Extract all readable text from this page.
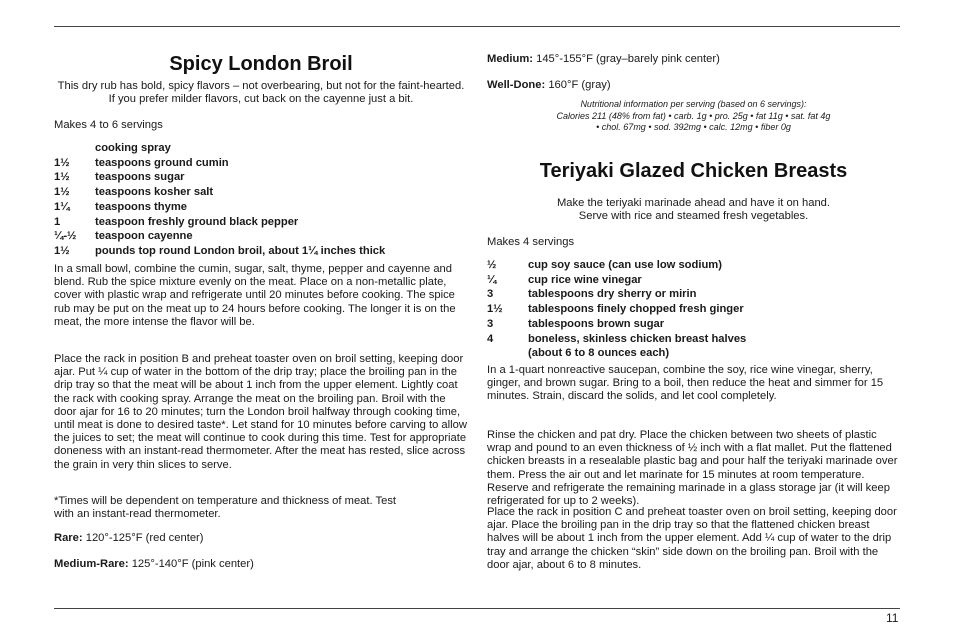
Spicy London Broil

This dry rub has bold, spicy flavors – not overbearing, but not for the faint-hearted. If you prefer milder flavors, cut back on the cayenne just a bit.

Makes 4 to 6 servings

cooking spray
1½	teaspoons ground cumin
1½	teaspoons sugar
1½	teaspoons kosher salt
1¼	teaspoons thyme
1	teaspoon freshly ground black pepper
¼-½	teaspoon cayenne
1½	pounds top round London broil, about 1¼ inches thick

In a small bowl, combine the cumin, sugar, salt, thyme, pepper and cayenne and blend. Rub the spice mixture evenly on the meat. Place on a non-metallic plate, cover with plastic wrap and refrigerate until 20 minutes before cooking. The spice rub may be put on the meat up to 24 hours before cooking. The longer it is on the meat, the more intense the flavor will be.

Place the rack in position B and preheat toaster oven on broil setting, keeping door ajar. Put ¼ cup of water in the bottom of the drip tray; place the broiling pan in the drip tray so that the meat will be about 1 inch from the upper element. Lightly coat the rack with cooking spray. Arrange the meat on the broiling pan. Broil with the door ajar for 16 to 20 minutes; turn the London broil halfway through cooking time, until meat is done to desired taste*. Let stand for 10 minutes before carving to allow the juices to set; the meat will continue to cook during this time. Test for appropriate doneness with an instant-read thermometer. After the meat has rested, slice across the grain in very thin slices to serve.

*Times will be dependent on temperature and thickness of meat. Test with an instant-read thermometer.

Rare: 120°-125°F (red center)

Medium-Rare: 125°-140°F (pink center)

Medium: 145°-155°F (gray–barely pink center)

Well-Done: 160°F (gray)

Nutritional information per serving (based on 6 servings):
Calories 211 (48% from fat) • carb. 1g • pro. 25g • fat 11g • sat. fat 4g
• chol. 67mg • sod. 392mg • calc. 12mg • fiber 0g
Teriyaki Glazed Chicken Breasts
Make the teriyaki marinade ahead and have it on hand.
Serve with rice and steamed fresh vegetables.

Makes 4 servings

½	cup soy sauce (can use low sodium)
¼	cup rice wine vinegar
3	tablespoons dry sherry or mirin
1½	tablespoons finely chopped fresh ginger
3	tablespoons brown sugar
4	boneless, skinless chicken breast halves
(about 6 to 8 ounces each)

In a 1-quart nonreactive saucepan, combine the soy, rice wine vinegar, sherry, ginger, and brown sugar. Bring to a boil, then reduce the heat and simmer for 15 minutes. Strain, discard the solids, and let cool completely.

Rinse the chicken and pat dry. Place the chicken between two sheets of plastic wrap and pound to an even thickness of ½ inch with a flat mallet. Put the flattened chicken breasts in a resealable plastic bag and pour half the teriyaki marinade over them. Press the air out and let marinate for 15 minutes at room temperature. Reserve and refrigerate the remaining marinade in a glass storage jar (it will keep refrigerated for up to 2 weeks).

Place the rack in position C and preheat toaster oven on broil setting, keeping door ajar. Place the broiling pan in the drip tray so that the flattened chicken breast halves will be about 1 inch from the upper element. Add ¼ cup of water to the drip tray and arrange the chicken “skin” side down on the broiling pan. Broil with the door ajar, about 6 to 8 minutes.

11
